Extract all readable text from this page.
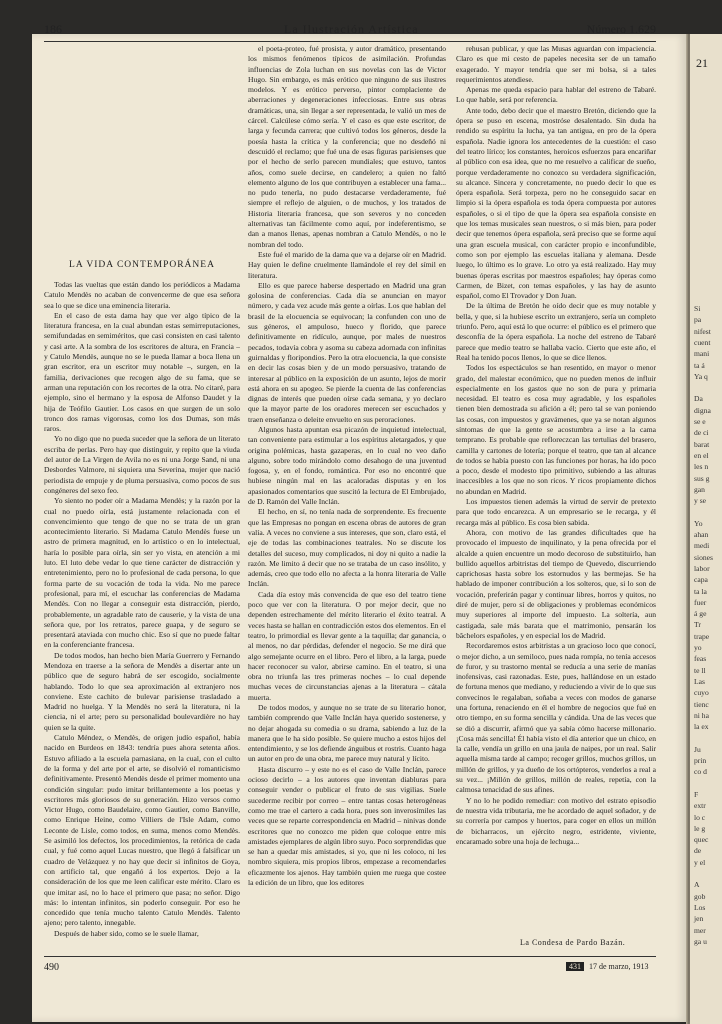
21
Si
pa
nifest
cuent
mani
ta á
Ya q
Da
digna
se e
de ci
barat
en el
les n
sus g
gan
y se
Yo
ahan
medi
siones
labor
capa
ta la
fuer
á ge
Tr
trape
yo
feas
te ll
Las
cuyo
tienc
ni ha
la ex
Ju
prin
co d
F
extr
lo c
le g
quec
de
y el
A
gob
Los
jen
mer
ga u
186	La Ilustración Artística	Número 1.629
LA VIDA CONTEMPORÁNEA

Todas las vueltas que están dando los periódicos a Madama Catulo Mendès no acaban de convencerme de que esa señora sea lo que se dice una eminencia literaria.

En el caso de esta dama hay que ver algo típico de la literatura francesa, en la cual abundan estas semirreputaciones, semifundadas en semiméritos, que casi consisten en casi talento y casi arte. A la sombra de los escritores de altura, en Francia – y Catulo Mendès, aunque no se le pueda llamar a boca llena un gran escritor, era un escritor muy notable –, surgen, en la familia, derivaciones que recogen algo de su fama, que se arman una reputación con los recortes de la otra. No citaré, para ejemplo, sino el hermano y la esposa de Alfonso Daudet y la hija de Teófilo Gautier. Los casos en que surgen de un solo tronco dos ramas vigorosas, como los dos Dumas, son más raros.

Yo no digo que no pueda suceder que la señora de un literato escriba de perlas. Pero hay que distinguir, y repito que la viuda del autor de La Virgen de Avila no es ni una Jorge Sand, ni una Desbordes Valmore, ni siquiera una Severina, mujer que nació periodista de empuje y de pluma persuasiva, como pocos de sus congéneres del sexo feo.

Yo siento no poder oír a Madama Mendès; y la razón por la cual no puedo oírla, está justamente relacionada con el convencimiento que tengo de que no se trata de un gran acontecimiento literario. Si Madama Catulo Mendès fuese un astro de primera magnitud, en lo artístico o en lo intelectual, haría lo posible para oírla, sin ser yo vista, en atención a mi luto. El luto debe vedar lo que tiene carácter de distracción y entretenimiento, pero no lo profesional de cada persona, lo que forma parte de su vocación de toda la vida. No me parece profesional, para mí, el escuchar las conferencias de Madama Mendès. Con no llegar a conseguir esta distracción, pierdo, probablemente, un agradable rato de causerie, y la vista de una señora que, por los retratos, parece guapa, y de seguro se presentará ataviada con mucho chic. Eso sí que no puede faltar en la conferenciante francesa.

De todos modos, han hecho bien María Guerrero y Fernando Mendoza en traerse a la señora de Mendès a disertar ante un público que de seguro habrá de ser escogido, socialmente hablando. Todo lo que sea aproximación al extranjero nos conviene. Este cachito de bulevar parisiense trasladado a Madrid no huelga. Y la Mendès no será la literatura, ni la ciencia, ni el arte; pero su personalidad boulevardière no hay quien se la quite.

Catulo Méndez, o Mendès, de origen judío español, había nacido en Burdeos en 1843: tendría pues ahora setenta años. Estuvo afiliado a la escuela parnasiana, en la cual, con el culto de la forma y del arte por el arte, se disolvió el romanticismo definitivamente. Presentó Mendès desde el primer momento una condición singular: pudo imitar brillantemente a los poetas y escritores más gloriosos de su generación. Hizo versos como Victor Hugo, como Baudelaire, como Gautier, como Banville, como Enrique Heine, como Villiers de l'Isle Adam, como Leconte de Lisle, como todos, en suma, menos como Mendès. Se asimiló los defectos, los procedimientos, la retórica de cada cual, y fué como aquel Lucas nuestro, que llegó á falsificar un cuadro de Velázquez y no hay que decir si infinitos de Goya, con artificio tal, que engañó á los expertos. Dejo a la consideración de los que me leen calificar este mérito. Claro es que imitar así, no lo hace el primero que pasa; no señor. Digo más: lo intentan infinitos, sin poderlo conseguir. Por eso he concedido que tenía mucho talento Catulo Mendès. Talento ajeno; pero talento, innegable.

Después de haber sido, como se le suele llamar,

el poeta-proteo, fué prosista, y autor dramático, presentando los mismos fenómenos típicos de asimilación. Profundas influencias de Zola luchan en sus novelas con las de Victor Hugo. Sin embargo, es más erótico que ninguno de sus ilustres modelos. Y es erótico perverso, pintor complaciente de aberraciones y degeneraciones infecciosas. Entre sus obras dramáticas, una, sin llegar a ser representada, le valió un mes de cárcel. Calcúlese cómo sería. Y el caso es que este escritor, de larga y fecunda carrera; que cultivó todos los géneros, desde la poesía hasta la crítica y la conferencia; que no desdeñó ni descuidó el reclamo; que fué una de esas figuras parisienses que por el hecho de serlo parecen mundiales; que estuvo, tantos años, como suele decirse, en candelero; a quien no faltó elemento alguno de los que contribuyen a establecer una fama... no pudo tenerla, no pudo destacarse verdaderamente, fué siempre el reflejo de alguien, o de muchos, y los tratados de Historia literaria francesa, que son severos y no conceden alternativas tan fácilmente como aquí, por indeferentismo, se dan a manos llenas, apenas nombran a Catulo Mendès, o no le nombran del todo.

Este fué el marido de la dama que va a dejarse oír en Madrid. Hay quien le define cruelmente llamándole el rey del símil en literatura.

Ello es que parece haberse despertado en Madrid una gran golosina de conferencias. Cada día se anuncian en mayor número, y cada vez acude más gente a oírlas. Los que hablan del brasil de la elocuencia se equivocan; la confunden con uno de sus géneros, el ampuloso, hueco y florido, que parece definitivamente en ridículo, aunque, por males de nuestros pecados, todavía cobra y asoma su cabeza adornada con infinitas guirnaldas y floripondios. Pero la otra elocuencia, la que consiste en decir las cosas bien y de un modo persuasivo, tratando de interesar al público en la exposición de un asunto, lejos de morir está ahora en su apogeo. Se pierde la cuenta de las conferencias dignas de interés que pueden oírse cada semana, y yo declaro que la mayor parte de los oradores merecen ser escuchados y traen enseñanza o deleite envuelto en sus peroraciones.

Algunos hasta apuntan esa picazón de inquietud intelectual, tan conveniente para estimular a los espíritus aletargados, y que origina polémicas, hasta gazaperas, en lo cual no veo daño alguno, sobre todo mirándolo como desahogo de una juventud fogosa, y, en el fondo, romántica. Por eso no encontré que hubiese ningún mal en las acaloradas disputas y en los apasionados comentarios que suscitó la lectura de El Embrujado, de D. Ramón del Valle Inclán.

El hecho, en sí, no tenía nada de sorprendente. Es frecuente que las Empresas no pongan en escena obras de autores de gran valía. A veces no conviene a sus intereses, que son, claro está, el eje de todas las combinaciones teatrales. No se discute los detalles del suceso, muy complicados, ni doy ni quito a nadie la razón. Me limito á decir que no se trataba de un caso insólito, y además, creo que todo ello no afecta a la honra literaria de Valle Inclán.

Cada día estoy más convencida de que eso del teatro tiene poco que ver con la literatura. O por mejor decir, que no dependen estrechamente del mérito literario el éxito teatral. A veces hasta se hallan en contradicción estos dos elementos. En el teatro, lo primordial es llevar gente a la taquilla; dar ganancia, o al menos, no dar pérdidas, defender el negocio. Se me dirá que algo semejante ocurre en el libro. Pero el libro, a la larga, puede hacer reconocer su valor, abrirse camino. En el teatro, si una obra no triunfa las tres primeras noches – lo cual depende muchas veces de circunstancias ajenas a la literatura – cátala muerta.

De todos modos, y aunque no se trate de su literario honor, también comprendo que Valle Inclán haya querido sostenerse, y no dejar ahogada su comedia o su drama, sabiendo a luz de la manera que le ha sido posible. Se quiere mucho a estos hijos del entendimiento, y se los defiende ánguibus et rostris. Cuanto haga un autor en pro de una obra, me parece muy natural y lícito.

Hasta discurro – y este no es el caso de Valle Inclán, parece ocioso decirlo – a los autores que inventan diabluras para conseguir vender o publicar el fruto de sus vigilias. Suele sucederme recibir por correo – entre tantas cosas heterogéneas como me trae el cartero a cada hora, pues son inverosímiles las veces que se reparte correspondencia en Madrid – ninivas donde escritores que no conozco me piden que coloque entre mis amistades ejemplares de algún libro suyo. Poco sorprendidas que se han a quedar mis amistades, si yo, que ni les coloco, ni les nombro siquiera, mis propios libros, empezase a recomendarles eficazmente los ajenos. Hay también quien me ruega que costee la edición de un libro, que los editores

rehusan publicar, y que las Musas aguardan con impaciencia. Claro es que mi cesto de papeles necesita ser de un tamaño exagerado. Y mayor tendría que ser mi bolsa, si a tales requerimientos atendiese.

Apenas me queda espacio para hablar del estreno de Tabaré. Lo que hable, será por referencia.

Ante todo, debo decir que el maestro Bretón, diciendo que la ópera se puso en escena, mostróse desalentado. Sin duda ha rendido su espíritu la lucha, ya tan antigua, en pro de la ópera española. Nadie ignora los antecedentes de la cuestión: el caso del teatro lírico; los constantes, heroicos esfuerzos para encariñar al público con esa idea, que no me resuelvo a calificar de sueño, porque verdaderamente no conozco su verdadera significación, su alcance. Sincera y concretamente, no puedo decir lo que es ópera española. Será torpeza, pero no he conseguido sacar en limpio si la ópera española es toda ópera compuesta por autores españoles, o si el tipo de que la ópera sea española consiste en que los temas musicales sean nuestros, o si más bien, para poder decir que tenemos ópera española, será preciso que se forme aquí una gran escuela musical, con carácter propio e inconfundible, como son por ejemplo las escuelas italiana y alemana. Desde luego, lo último es lo grave. Lo otro ya está realizado. Hay muy buenas óperas escritas por maestros españoles; hay óperas como Carmen, de Bizet, con temas españoles, y las hay de asunto español, como El Trovador y Don Juan.

De la última de Bretón he oído decir que es muy notable y bella, y que, si la hubiese escrito un extranjero, sería un completo triunfo. Pero, aquí está lo que ocurre: el público es el primero que desconfía de la ópera española. La noche del estreno de Tabaré parece que medio teatro se hallaba vacío. Cierto que este año, el Real ha tenido pocos llenos, lo que se dice llenos.

Todos los espectáculos se han resentido, en mayor o menor grado, del malestar económico, que no pueden menos de influir especialmente en los gastos que no son de pura y primaria necesidad. El teatro es cosa muy agradable, y los españoles tienen bien demostrada su afición a él; pero tal se van poniendo las cosas, con impuestos y gravámenes, que ya se notan algunos síntomas de que la gente se acostumbra a irse a la cama temprano. Es probable que refloreczcan las tertulias del brasero, camilla y cartones de lotería; porque el teatro, que tan al alcance de todos se había puesto con las funciones por horas, ha ido poco a poco, desde el modesto tipo primitivo, subiendo a las alturas inaccesibles a los que no son ricos. Y ricos propiamente dichos no abundan en Madrid.

Los impuestos tienen además la virtud de servir de pretexto para que todo encarezca. A un empresario se le recarga, y él recarga más al público. Es cosa bien sabida.

Ahora, con motivo de las grandes dificultades que ha provocado el impuesto de inquilinato, y la pena ofrecida por el alcalde a quien encuentre un modo decoroso de substituirlo, han bullido aquellos arbitristas del tiempo de Quevedo, discurriendo caprichosas hasta sobre los estornudos y las bermejas. Se ha hablado de imponer contribución a los solteros, que, si lo son de vocación, preferirán pagar y continuar libres, horros y quitos, no diré de mujer, pero sí de obligaciones y problemas económicos muy superiores al importe del impuesto. La soltería, aun castigada, sale más barata que el matrimonio, pensarán los bâchelors españoles, y en especial los de Madrid.

Recordaremos estos arbitristas a un gracioso loco que conocí, o mejor dicho, a un semiloco, pues nada rompía, no tenía accesos de furor, y su trastorno mental se reducía a una serie de manías inofensivas, casi razonadas. Este, pues, hallándose en un estado de fortuna menos que mediano, y reduciendo a vivir de lo que sus convecinos le regalaban, soñaba a veces con modos de ganarse una fortuna, renaciendo en él el hombre de negocios que fué en otro tiempo, en su forma sencilla y cándida. Una de las veces que se dió a discurrir, afirmó que ya sabía cómo hacerse millonario. ¡Cosa más sencilla! Él había visto el día anterior que un chico, en la calle, vendía un grillo en una jaula de naipes, por un real. Salir aquella misma tarde al campo; recoger grillos, muchos grillos, un millón de grillos, y ya dueño de los ortópteros, venderlos a real a su vez... ¡Millón de grillos, millón de reales, repetía, con la calmosa tenacidad de sus afines.

Y no lo he podido remediar: con motivo del estrato episodio de nuestra vida tributaria, me he acordado de aquel soñador, y de su correría por campos y huertos, para coger en ellos un millón de bicharracos, un ejército negro, estridente, viviente, encaramado sobre una hoja de lechuga...

La Condesa de Pardo Bazán.
490	431 17 de marzo, 1913
